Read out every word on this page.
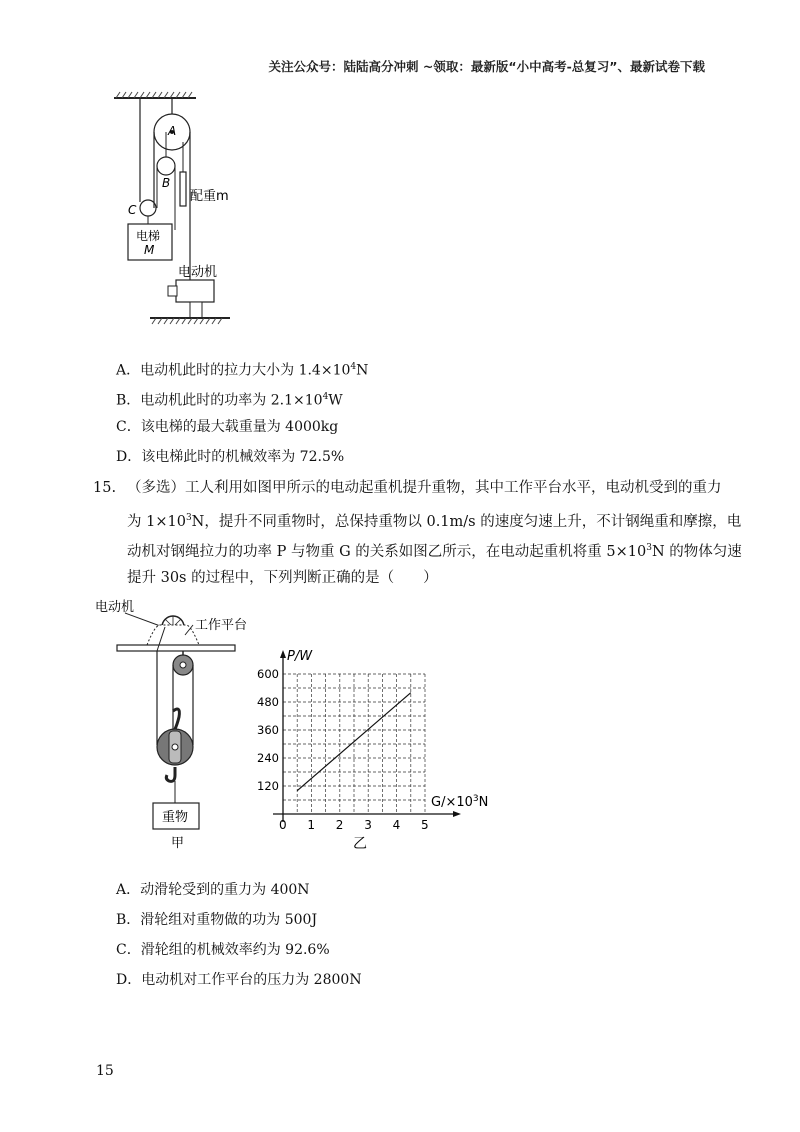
关注公众号：陆陆高分冲刺 ~领取：最新版“小中高考-总复习”、最新试卷下载
A
B
C
配重m
电梯
M
电动机
A．电动机此时的拉力大小为 $1.4\times 10^4N$
B．电动机此时的功率为 $2.1\times 10^4W$
C．该电梯的最大载重量为 4000kg
D．该电梯此时的机械效率为 72.5%
15. （多选）工人利用如图甲所示的电动起重机提升重物，其中工作平台水平，电动机受到的重力
为 $1\times 10^3N$，提升不同重物时，总保持重物以 0.1m/s 的速度匀速上升，不计钢绳重和摩擦，电
动机对钢绳拉力的功率 P 与物重 G 的关系如图乙所示，在电动起重机将重 $5\times 10^3N$ 的物体匀速
提升 30s 的过程中，下列判断正确的是（　　）
电动机
工作平台
重物
甲
0 1 2 3 4 5
120
240
360
480
600
P/W
$G/\times 10^3N$
乙
A．动滑轮受到的重力为 400N
B．滑轮组对重物做的功为 500J
C．滑轮组的机械效率约为 92.6%
D．电动机对工作平台的压力为 2800N
15
